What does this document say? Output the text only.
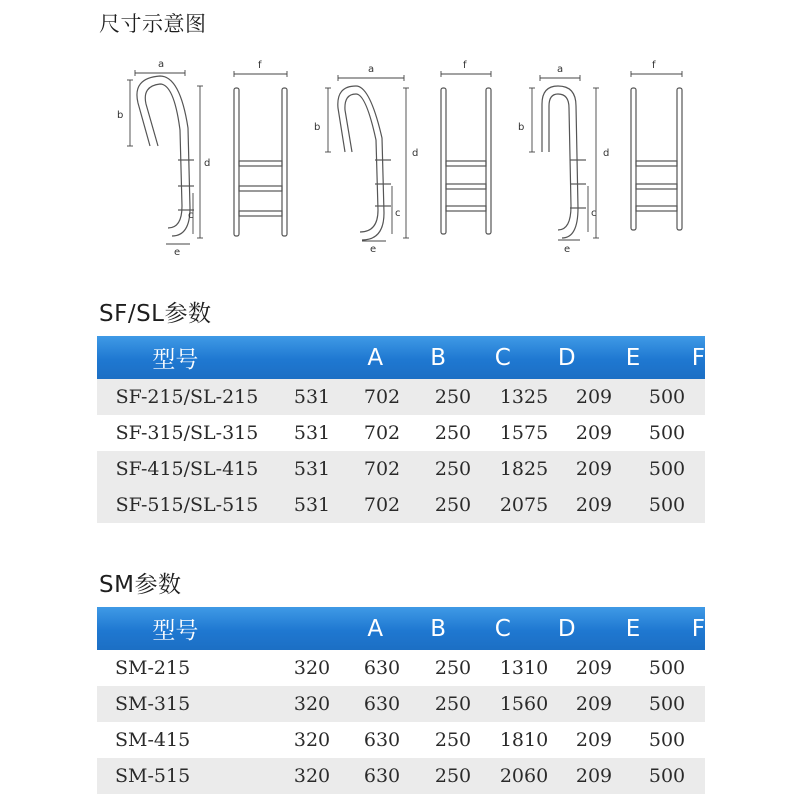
尺寸示意图
a
b
d
c
e
f	a
b
d
c
e
f	a
b
d
c
e
f
SF/SL参数
型号	A	B	C	D	E	F
SF-215/SL-215	531	702	250	1325	209	500
SF-315/SL-315	531	702	250	1575	209	500
SF-415/SL-415	531	702	250	1825	209	500
SF-515/SL-515	531	702	250	2075	209	500
SM参数
型号	A	B	C	D	E	F
SM-215	320	630	250	1310	209	500
SM-315	320	630	250	1560	209	500
SM-415	320	630	250	1810	209	500
SM-515	320	630	250	2060	209	500
